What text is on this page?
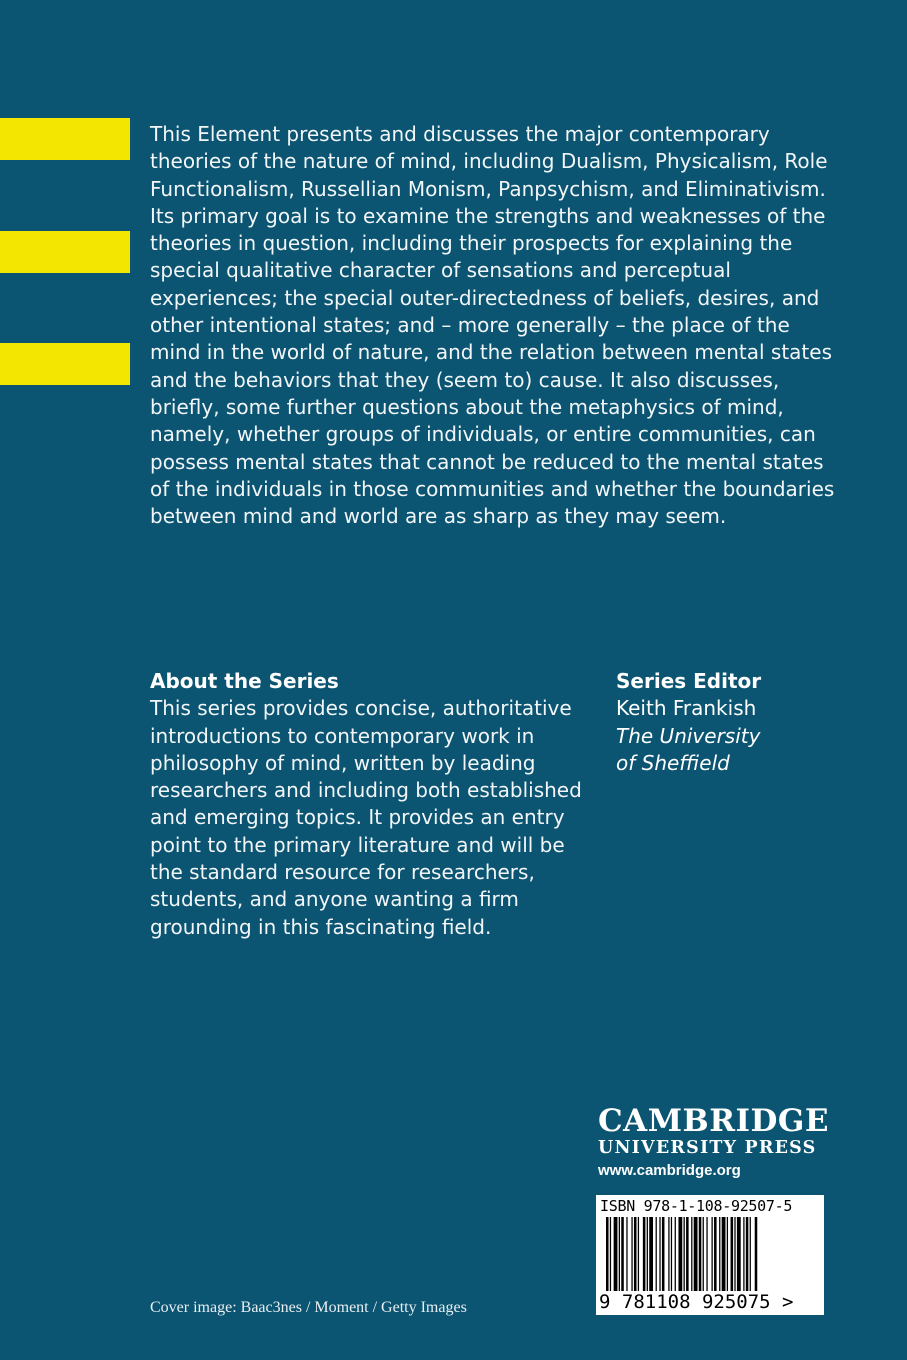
This Element presents and discusses the major contemporary theories of the nature of mind, including Dualism, Physicalism, Role Functionalism, Russellian Monism, Panpsychism, and Eliminativism. Its primary goal is to examine the strengths and weaknesses of the theories in question, including their prospects for explaining the special qualitative character of sensations and perceptual experiences; the special outer-directedness of beliefs, desires, and other intentional states; and – more generally – the place of the mind in the world of nature, and the relation between mental states and the behaviors that they (seem to) cause. It also discusses, briefly, some further questions about the metaphysics of mind, namely, whether groups of individuals, or entire communities, can possess mental states that cannot be reduced to the mental states of the individuals in those communities and whether the boundaries between mind and world are as sharp as they may seem.

About the Series

This series provides concise, authoritative introductions to contemporary work in philosophy of mind, written by leading researchers and including both established and emerging topics. It provides an entry point to the primary literature and will be the standard resource for researchers, students, and anyone wanting a firm grounding in this fascinating field.

Series Editor

Keith Frankish

The University

of Sheffield

CAMBRIDGE

UNIVERSITY PRESS

www.cambridge.org

ISBN 978-1-108-92507-5
9 781108 925075 >
Cover image: Baac3nes / Moment / Getty Images
